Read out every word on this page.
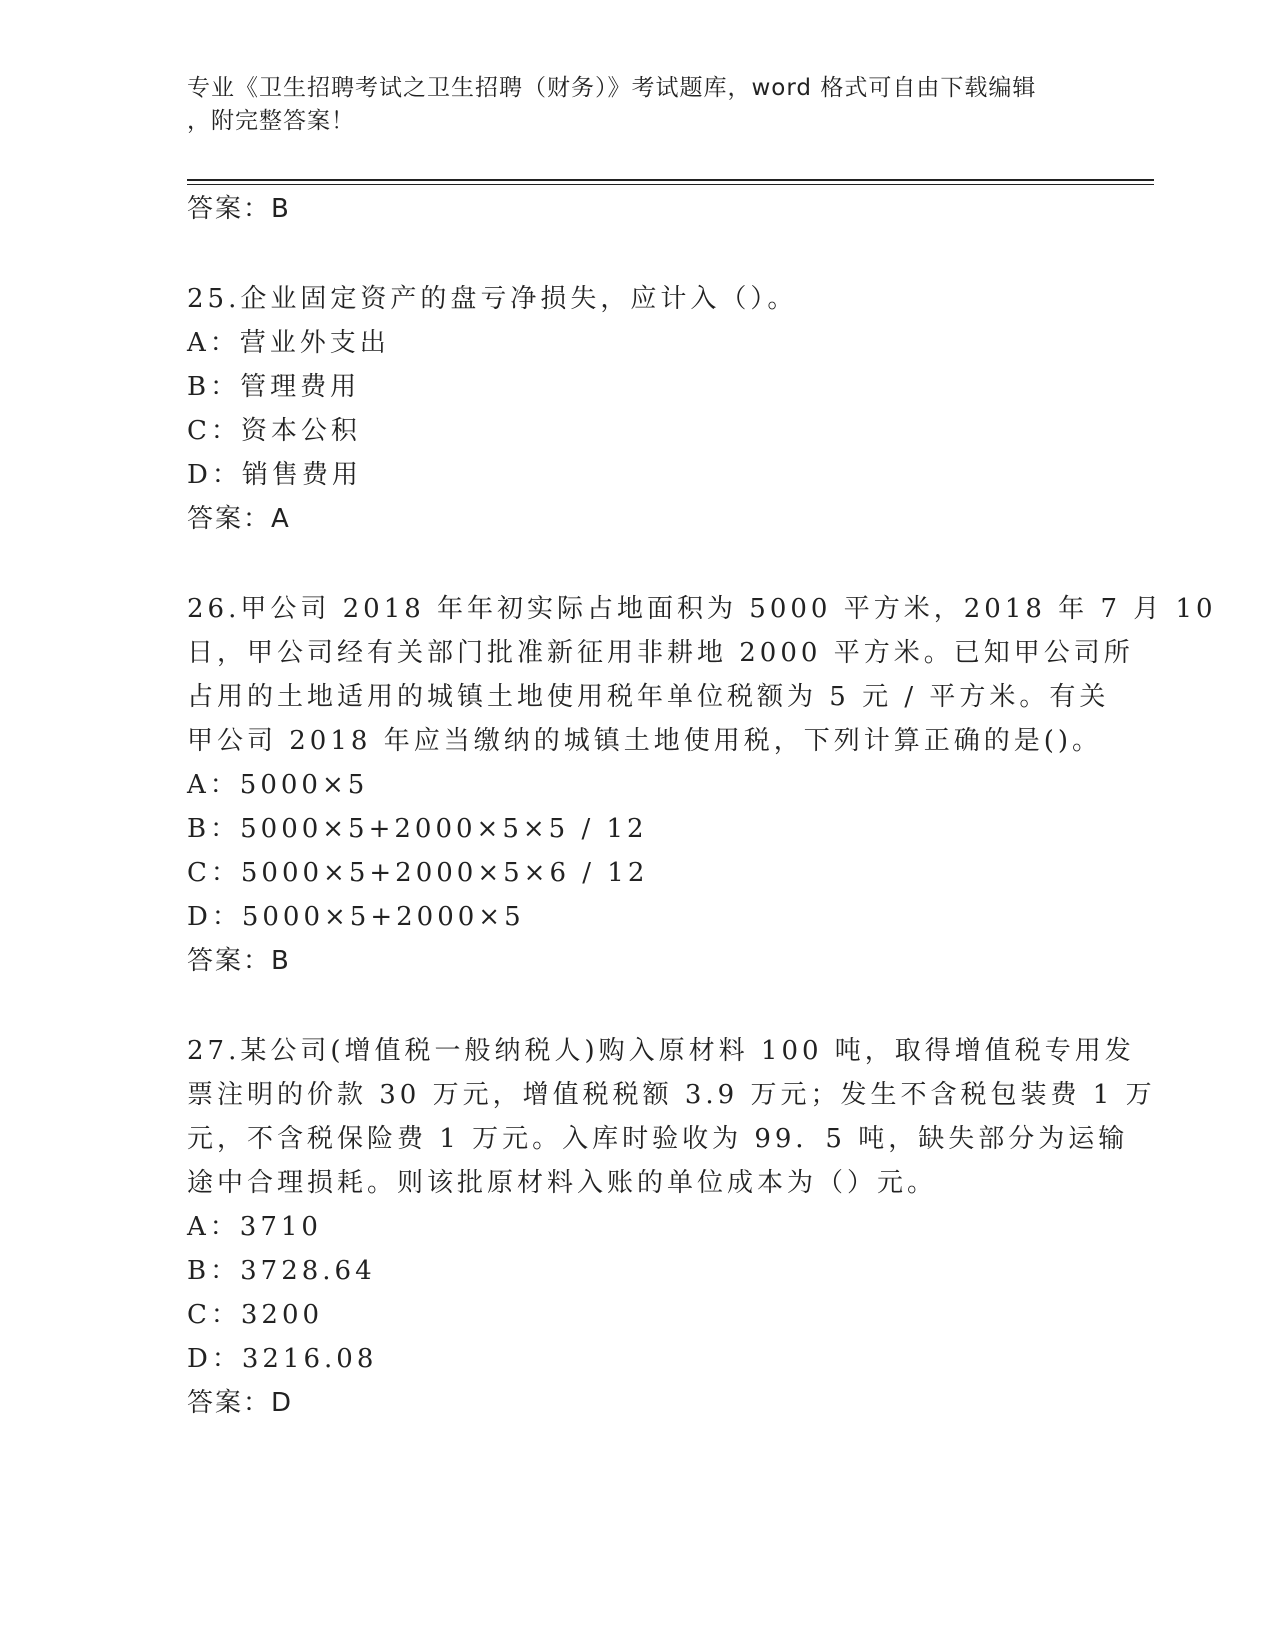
专业《卫生招聘考试之卫生招聘（财务）》考试题库，word 格式可自由下载编辑
，附完整答案！
答案：B
25.企业固定资产的盘亏净损失，应计入（）。
A：营业外支出
B：管理费用
C：资本公积
D：销售费用
答案：A
26.甲公司 2018 年年初实际占地面积为 5000 平方米，2018 年 7 月 10
日，甲公司经有关部门批准新征用非耕地 2000 平方米。已知甲公司所
占用的土地适用的城镇土地使用税年单位税额为 5 元 / 平方米。有关
甲公司 2018 年应当缴纳的城镇土地使用税，下列计算正确的是()。
A：5000×5
B：5000×5+2000×5×5 / 12
C：5000×5+2000×5×6 / 12
D：5000×5+2000×5
答案：B
27.某公司(增值税一般纳税人)购入原材料 100 吨，取得增值税专用发
票注明的价款 30 万元，增值税税额 3.9 万元；发生不含税包装费 1 万
元，不含税保险费 1 万元。入库时验收为 99．5 吨，缺失部分为运输
途中合理损耗。则该批原材料入账的单位成本为（）元。
A：3710
B：3728.64
C：3200
D：3216.08
答案：D
